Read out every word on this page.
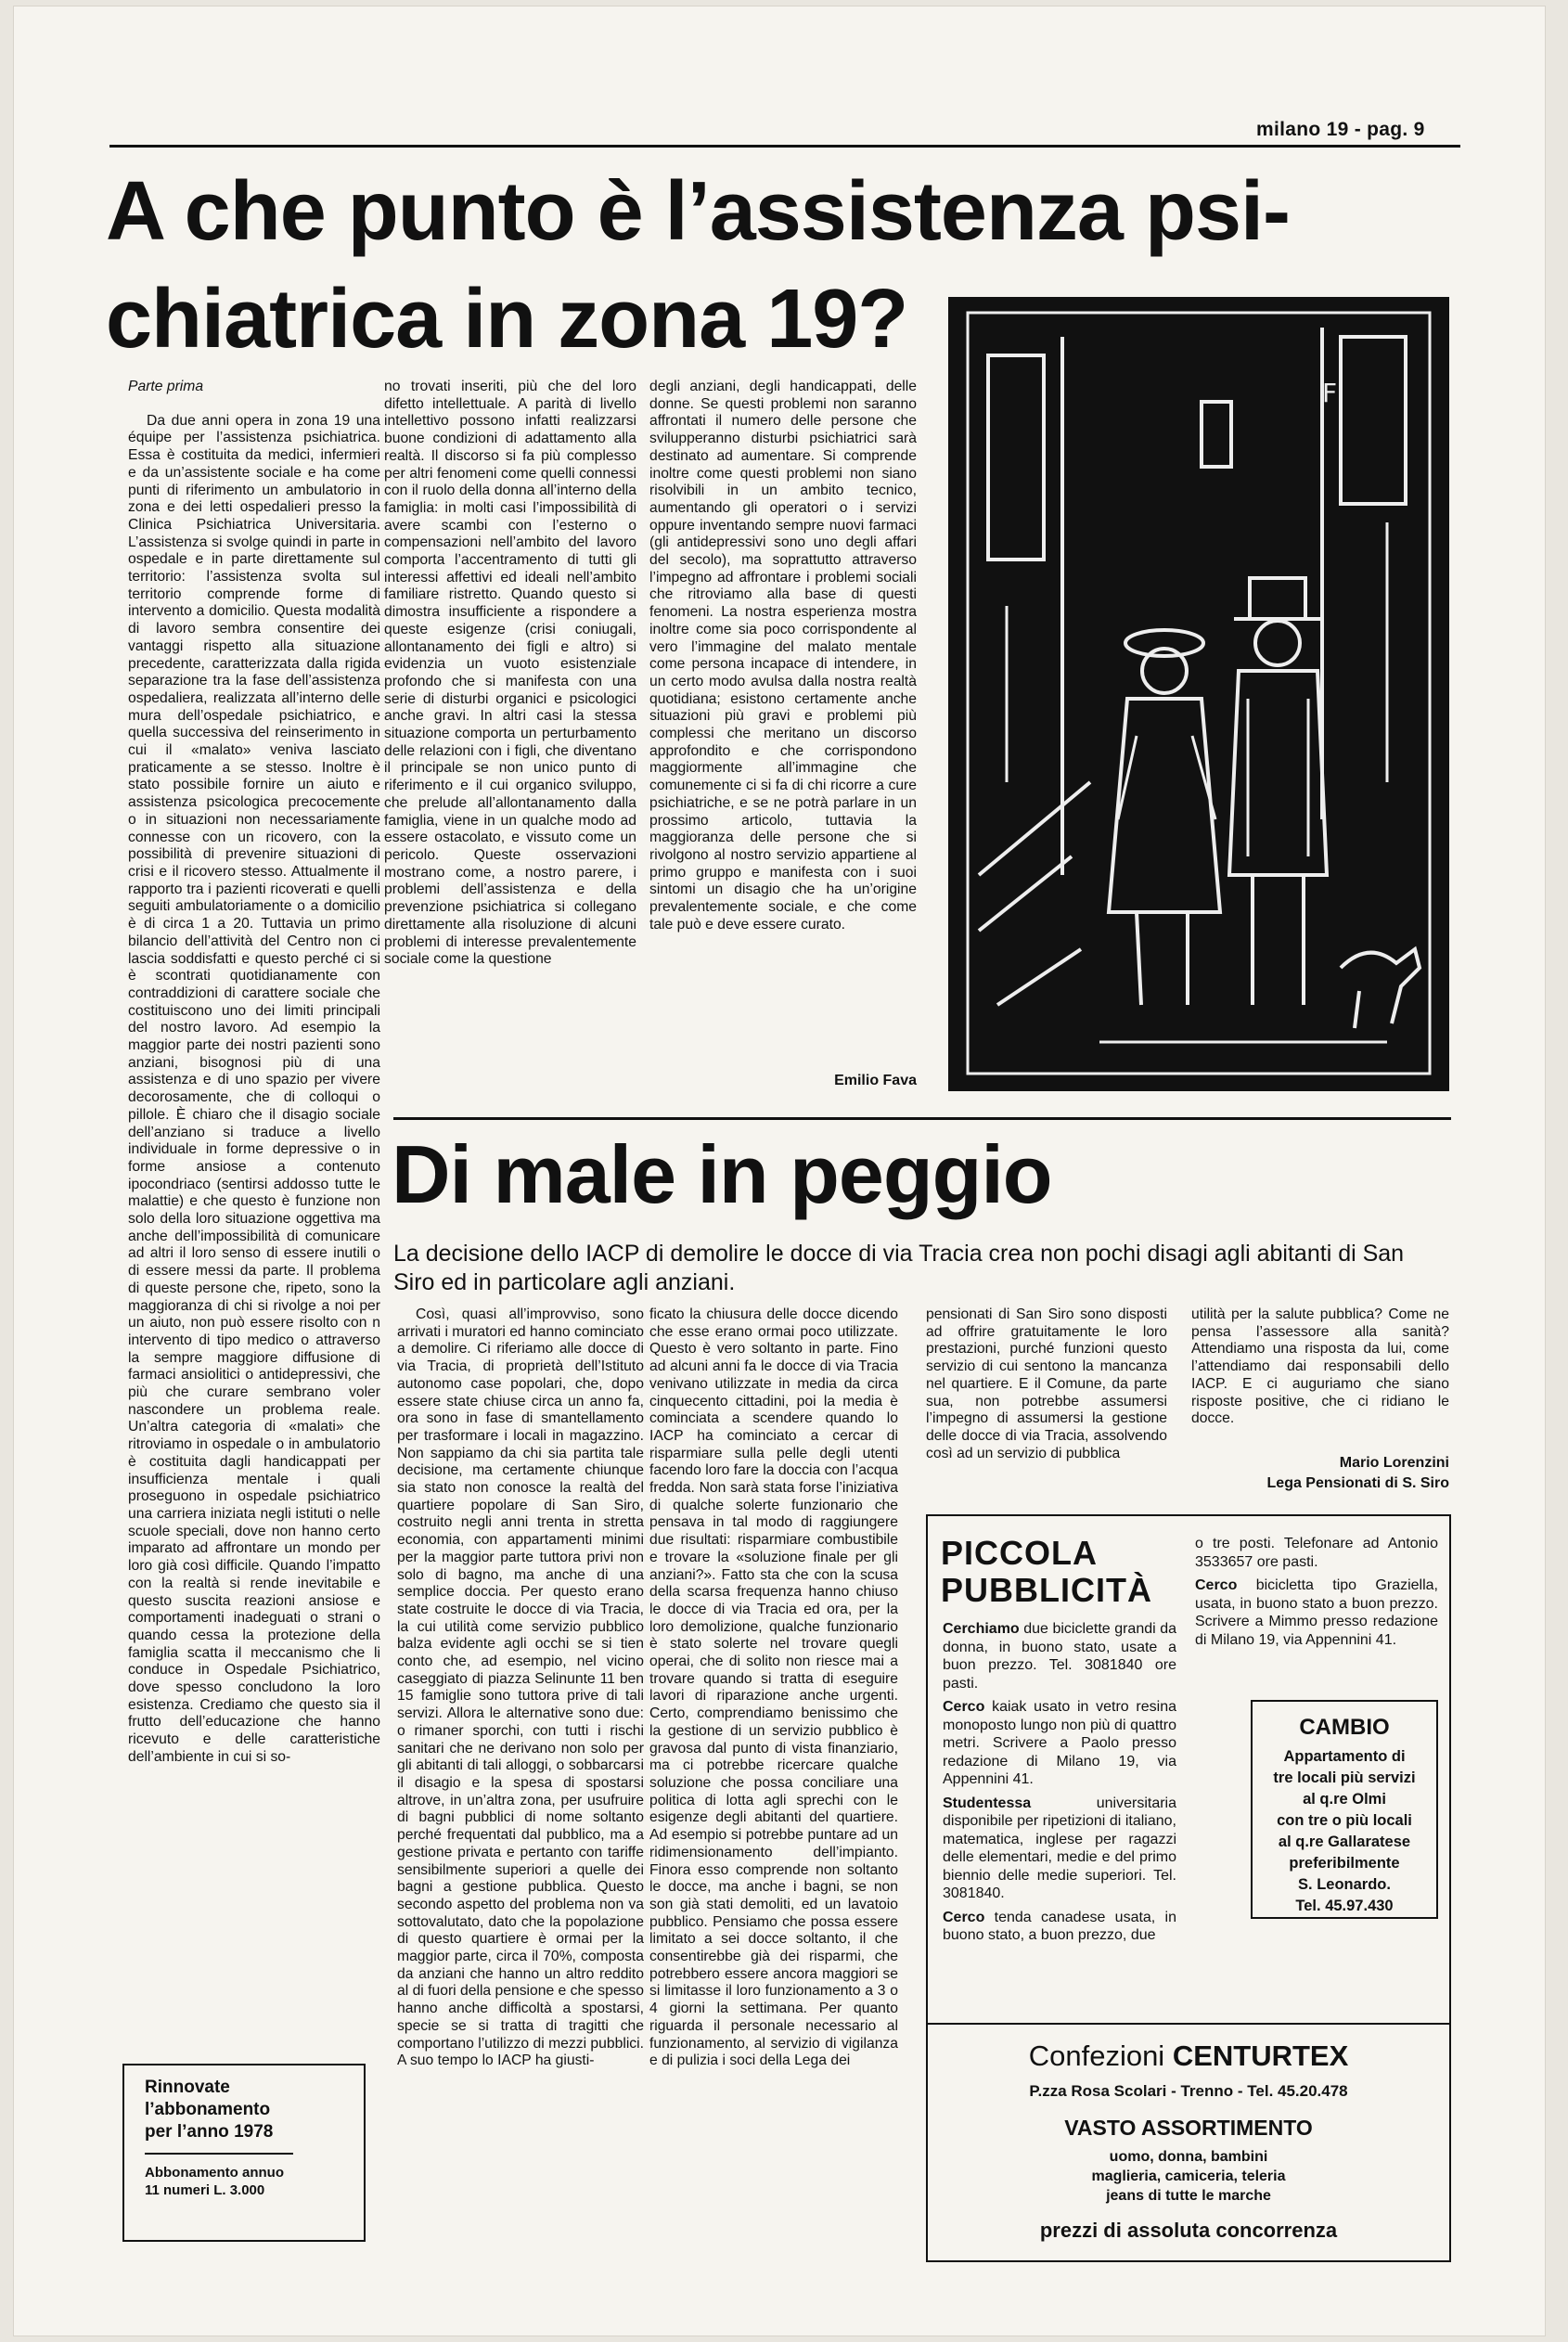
milano 19 - pag. 9
A che punto è l’assistenza psi-
chiatrica in zona 19?

Parte prima

Da due anni opera in zona 19 una équipe per l’assistenza psichiatrica. Essa è costituita da medici, infermieri e da un’assistente sociale e ha come punti di riferimento un ambulatorio in zona e dei letti ospedalieri presso la Clinica Psichiatrica Universitaria. L’assistenza si svolge quindi in parte in ospedale e in parte direttamente sul territorio: l’assistenza svolta sul territorio comprende forme di intervento a domicilio. Questa modalità di lavoro sembra consentire dei vantaggi rispetto alla situazione precedente, caratterizzata dalla rigida separazione tra la fase dell’assistenza ospedaliera, realizzata all’interno delle mura dell’ospedale psichiatrico, e quella successiva del reinserimento in cui il «malato» veniva lasciato praticamente a se stesso. Inoltre è stato possibile fornire un aiuto e assistenza psicologica precocemente o in situazioni non necessariamente connesse con un ricovero, con la possibilità di prevenire situazioni di crisi e il ricovero stesso. Attualmente il rapporto tra i pazienti ricoverati e quelli seguiti ambulatoriamente o a domicilio è di circa 1 a 20. Tuttavia un primo bilancio dell’attività del Centro non ci lascia soddisfatti e questo perché ci si è scontrati quotidianamente con contraddizioni di carattere sociale che costituiscono uno dei limiti principali del nostro lavoro. Ad esempio la maggior parte dei nostri pazienti sono anziani, bisognosi più di una assistenza e di uno spazio per vivere decorosamente, che di colloqui o pillole. È chiaro che il disagio sociale dell’anziano si traduce a livello individuale in forme depressive o in forme ansiose a contenuto ipocondriaco (sentirsi addosso tutte le malattie) e che questo è funzione non solo della loro situazione oggettiva ma anche dell’impossibilità di comunicare ad altri il loro senso di essere inutili o di essere messi da parte. Il problema di queste persone che, ripeto, sono la maggioranza di chi si rivolge a noi per un aiuto, non può essere risolto con n intervento di tipo medico o attraverso la sempre maggiore diffusione di farmaci ansiolitici o antidepressivi, che più che curare sembrano voler nascondere un problema reale. Un’altra categoria di «malati» che ritroviamo in ospedale o in ambulatorio è costituita dagli handicappati per insufficienza mentale i quali proseguono in ospedale psichiatrico una carriera iniziata negli istituti o nelle scuole speciali, dove non hanno certo imparato ad affrontare un mondo per loro già così difficile. Quando l’impatto con la realtà si rende inevitabile e questo suscita reazioni ansiose e comportamenti inadeguati o strani o quando cessa la protezione della famiglia scatta il meccanismo che li conduce in Ospedale Psichiatrico, dove spesso concludono la loro esistenza. Crediamo che questo sia il frutto dell’educazione che hanno ricevuto e delle caratteristiche dell’ambiente in cui si so-

no trovati inseriti, più che del loro difetto intellettuale. A parità di livello intellettivo possono infatti realizzarsi buone condizioni di adattamento alla realtà. Il discorso si fa più complesso per altri fenomeni come quelli connessi con il ruolo della donna all’interno della famiglia: in molti casi l’impossibilità di avere scambi con l’esterno o compensazioni nell’ambito del lavoro comporta l’accentramento di tutti gli interessi affettivi ed ideali nell’ambito familiare ristretto. Quando questo si dimostra insufficiente a rispondere a queste esigenze (crisi coniugali, allontanamento dei figli e altro) si evidenzia un vuoto esistenziale profondo che si manifesta con una serie di disturbi organici e psicologici anche gravi. In altri casi la stessa situazione comporta un perturbamento delle relazioni con i figli, che diventano il principale se non unico punto di riferimento e il cui organico sviluppo, che prelude all’allontanamento dalla famiglia, viene in un qualche modo ad essere ostacolato, e vissuto come un pericolo. Queste osservazioni mostrano come, a nostro parere, i problemi dell’assistenza e della prevenzione psichiatrica si collegano direttamente alla risoluzione di alcuni problemi di interesse prevalentemente sociale come la questione

degli anziani, degli handicappati, delle donne. Se questi problemi non saranno affrontati il numero delle persone che svilupperanno disturbi psichiatrici sarà destinato ad aumentare. Si comprende inoltre come questi problemi non siano risolvibili in un ambito tecnico, aumentando gli operatori o i servizi oppure inventando sempre nuovi farmaci (gli antidepressivi sono uno degli affari del secolo), ma soprattutto attraverso l’impegno ad affrontare i problemi sociali che ritroviamo alla base di questi fenomeni. La nostra esperienza mostra inoltre come sia poco corrispondente al vero l’immagine del malato mentale come persona incapace di intendere, in un certo modo avulsa dalla nostra realtà quotidiana; esistono certamente anche situazioni più gravi e problemi più complessi che meritano un discorso approfondito e che corrispondono maggiormente all’immagine che comunemente ci si fa di chi ricorre a cure psichiatriche, e se ne potrà parlare in un prossimo articolo, tuttavia la maggioranza delle persone che si rivolgono al nostro servizio appartiene al primo gruppo e manifesta con i suoi sintomi un disagio che ha un’origine prevalentemente sociale, e che come tale può e deve essere curato.

Emilio Fava
F
Di male in peggio
La decisione dello IACP di demolire le docce di via Tracia crea non pochi disagi agli abitanti di San Siro ed in particolare agli anziani.

Così, quasi all’improvviso, sono arrivati i muratori ed hanno cominciato a demolire. Ci riferiamo alle docce di via Tracia, di proprietà dell’Istituto autonomo case popolari, che, dopo essere state chiuse circa un anno fa, ora sono in fase di smantellamento per trasformare i locali in magazzino. Non sappiamo da chi sia partita tale decisione, ma certamente chiunque sia stato non conosce la realtà del quartiere popolare di San Siro, costruito negli anni trenta in stretta economia, con appartamenti minimi per la maggior parte tuttora privi non solo di bagno, ma anche di una semplice doccia. Per questo erano state costruite le docce di via Tracia, la cui utilità come servizio pubblico balza evidente agli occhi se si tien conto che, ad esempio, nel vicino caseggiato di piazza Selinunte 11 ben 15 famiglie sono tuttora prive di tali servizi. Allora le alternative sono due: o rimaner sporchi, con tutti i rischi sanitari che ne derivano non solo per gli abitanti di tali alloggi, o sobbarcarsi il disagio e la spesa di spostarsi altrove, in un’altra zona, per usufruire di bagni pubblici di nome soltanto perché frequentati dal pubblico, ma a gestione privata e pertanto con tariffe sensibilmente superiori a quelle dei bagni a gestione pubblica. Questo secondo aspetto del problema non va sottovalutato, dato che la popolazione di questo quartiere è ormai per la maggior parte, circa il 70%, composta da anziani che hanno un altro reddito al di fuori della pensione e che spesso hanno anche difficoltà a spostarsi, specie se si tratta di tragitti che comportano l’utilizzo di mezzi pubblici. A suo tempo lo IACP ha giusti-

ficato la chiusura delle docce dicendo che esse erano ormai poco utilizzate. Questo è vero soltanto in parte. Fino ad alcuni anni fa le docce di via Tracia venivano utilizzate in media da circa cinquecento cittadini, poi la media è cominciata a scendere quando lo IACP ha cominciato a cercar di risparmiare sulla pelle degli utenti facendo loro fare la doccia con l’acqua fredda. Non sarà stata forse l’iniziativa di qualche solerte funzionario che pensava in tal modo di raggiungere due risultati: risparmiare combustibile e trovare la «soluzione finale per gli anziani?». Fatto sta che con la scusa della scarsa frequenza hanno chiuso le docce di via Tracia ed ora, per la loro demolizione, qualche funzionario è stato solerte nel trovare quegli operai, che di solito non riesce mai a trovare quando si tratta di eseguire lavori di riparazione anche urgenti. Certo, comprendiamo benissimo che la gestione di un servizio pubblico è gravosa dal punto di vista finanziario, ma ci potrebbe ricercare qualche soluzione che possa conciliare una politica di lotta agli sprechi con le esigenze degli abitanti del quartiere. Ad esempio si potrebbe puntare ad un ridimensionamento dell’impianto. Finora esso comprende non soltanto le docce, ma anche i bagni, se non son già stati demoliti, ed un lavatoio pubblico. Pensiamo che possa essere limitato a sei docce soltanto, il che consentirebbe già dei risparmi, che potrebbero essere ancora maggiori se si limitasse il loro funzionamento a 3 o 4 giorni la settimana. Per quanto riguarda il personale necessario al funzionamento, al servizio di vigilanza e di pulizia i soci della Lega dei

pensionati di San Siro sono disposti ad offrire gratuitamente le loro prestazioni, purché funzioni questo servizio di cui sentono la mancanza nel quartiere. E il Comune, da parte sua, non potrebbe assumersi l’impegno di assumersi la gestione delle docce di via Tracia, assolvendo così ad un servizio di pubblica

utilità per la salute pubblica? Come ne pensa l’assessore alla sanità? Attendiamo una risposta da lui, come l’attendiamo dai responsabili dello IACP. E ci auguriamo che siano risposte positive, che ci ridiano le docce.

Mario Lorenzini
Lega Pensionati di S. Siro
Rinnovate
l’abbonamento
per l’anno 1978
Abbonamento annuo
11 numeri L. 3.000
PICCOLA
PUBBLICITÀ

Cerchiamo due biciclette grandi da donna, in buono stato, usate a buon prezzo. Tel. 3081840 ore pasti.

Cerco kaiak usato in vetro resina monoposto lungo non più di quattro metri. Scrivere a Paolo presso redazione di Milano 19, via Appennini 41.

Studentessa universitaria disponibile per ripetizioni di italiano, matematica, inglese per ragazzi delle elementari, medie e del primo biennio delle medie superiori. Tel. 3081840.

Cerco tenda canadese usata, in buono stato, a buon prezzo, due

o tre posti. Telefonare ad Antonio 3533657 ore pasti.

Cerco bicicletta tipo Graziella, usata, in buono stato a buon prezzo. Scrivere a Mimmo presso redazione di Milano 19, via Appennini 41.

CAMBIO
Appartamento di
tre locali più servizi
al q.re Olmi
con tre o più locali
al q.re Gallaratese
preferibilmente
S. Leonardo.
Tel. 45.97.430
Confezioni CENTURTEX
P.zza Rosa Scolari - Trenno - Tel. 45.20.478
VASTO ASSORTIMENTO
uomo, donna, bambini
maglieria, camiceria, teleria
jeans di tutte le marche
prezzi di assoluta concorrenza
